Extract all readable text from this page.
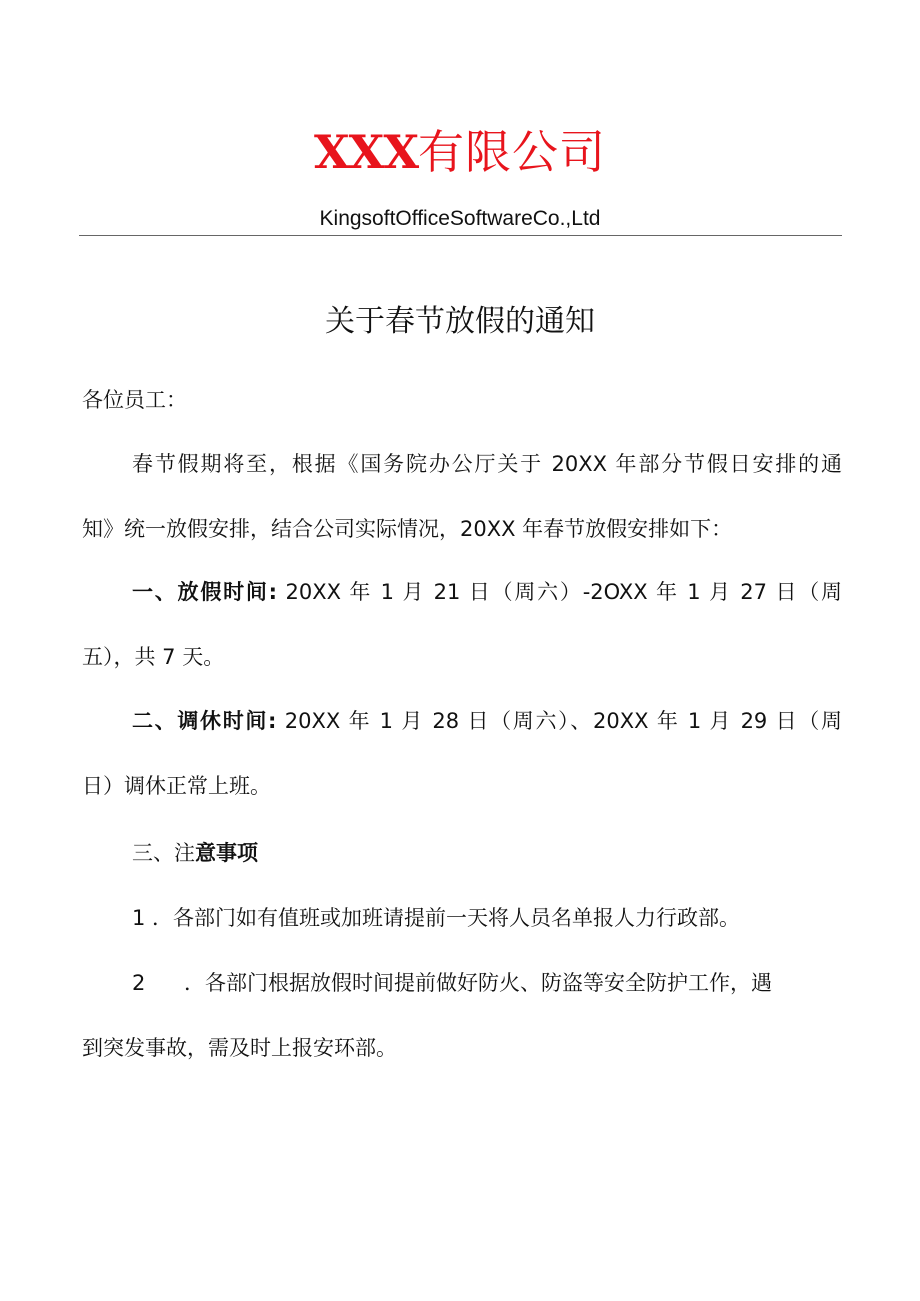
XXX有限公司
KingsoftOfficeSoftwareCo.,Ltd
关于春节放假的通知
各位员工：
春节假期将至，根据《国务院办公厅关于 20XX 年部分节假日安排的通
知》统一放假安排，结合公司实际情况，20XX 年春节放假安排如下：
一、放假时间: 20XX 年 1 月 21 日（周六）-2OXX 年 1 月 27 日（周
五），共 7 天。
二、调休时间: 20XX 年 1 月 28 日（周六）、20XX 年 1 月 29 日（周
日）调休正常上班。
三、注意事项
1 ．各部门如有值班或加班请提前一天将人员名单报人力行政部。
2 ．各部门根据放假时间提前做好防火、防盗等安全防护工作，遇
到突发事故，需及时上报安环部。
